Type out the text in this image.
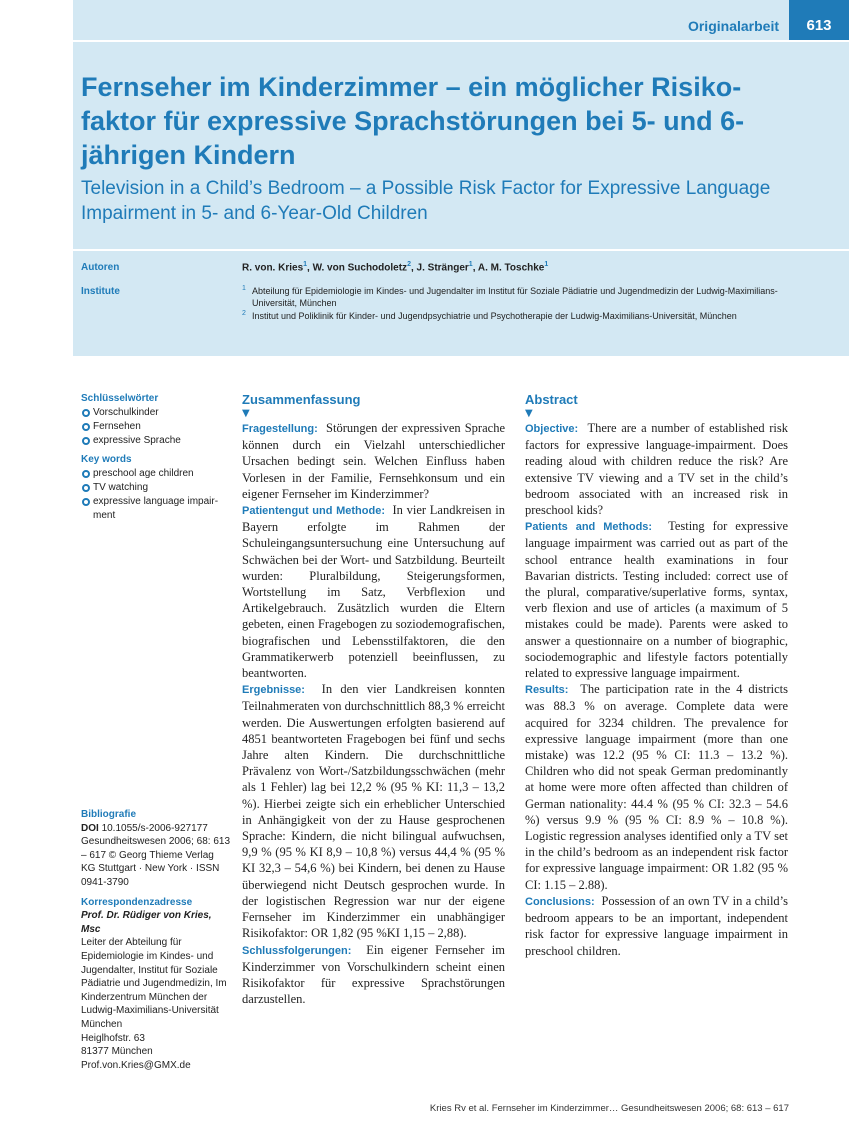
Originalarbeit	613
Fernseher im Kinderzimmer – ein möglicher Risiko-faktor für expressive Sprachstörungen bei 5- und 6-jährigen Kindern
Television in a Child’s Bedroom – a Possible Risk Factor for Expressive Language Impairment in 5- and 6-Year-Old Children
Autoren	R. von. Kries$^1$, W. von Suchodoletz$^2$, J. Stränger$^1$, A. M. Toschke$^1$
Institute	1 Abteilung für Epidemiologie im Kindes- und Jugendalter im Institut für Soziale Pädiatrie und Jugendmedizin der Ludwig-Maximilians-Universität, München
2 Institut und Poliklinik für Kinder- und Jugendpsychiatrie und Psychotherapie der Ludwig-Maximilians-Universität, München
Schlüsselwörter
Vorschulkinder
Fernsehen
expressive Sprache
Key words
preschool age children
TV watching
expressive language impair-ment
Bibliografie
DOI 10.1055/s-2006-927177
Gesundheitswesen 2006; 68: 613 – 617 © Georg Thieme Verlag KG Stuttgart · New York · ISSN 0941-3790
Korrespondenzadresse
Prof. Dr. Rüdiger von Kries, Msc
Leiter der Abteilung für Epidemiologie im Kindes- und Jugendalter, Institut für Soziale Pädiatrie und Jugendmedizin, Im Kinderzentrum München der Ludwig-Maximilians-Universität München
Heiglhofstr. 63
81377 München
Prof.von.Kries@GMX.de
Zusammenfassung
▼

Fragestellung: Störungen der expressiven Sprache können durch ein Vielzahl unterschiedlicher Ursachen bedingt sein. Welchen Einfluss haben Vorlesen in der Familie, Fernsehkonsum und ein eigener Fernseher im Kinderzimmer?

Patientengut und Methode: In vier Landkreisen in Bayern erfolgte im Rahmen der Schuleingangsuntersuchung eine Untersuchung auf Schwächen bei der Wort- und Satzbildung. Beurteilt wurden: Pluralbildung, Steigerungsformen, Wortstellung im Satz, Verbflexion und Artikelgebrauch. Zusätzlich wurden die Eltern gebeten, einen Fragebogen zu soziodemografischen, biografischen und Lebensstilfaktoren, die den Grammatikerwerb potenziell beeinflussen, zu beantworten.

Ergebnisse: In den vier Landkreisen konnten Teilnahmeraten von durchschnittlich 88,3 % erreicht werden. Die Auswertungen erfolgten basierend auf 4851 beantworteten Fragebogen bei fünf und sechs Jahre alten Kindern. Die durchschnittliche Prävalenz von Wort-/Satzbildungsschwächen (mehr als 1 Fehler) lag bei 12,2 % (95 % KI: 11,3 – 13,2 %). Hierbei zeigte sich ein erheblicher Unterschied in Anhängigkeit von der zu Hause gesprochenen Sprache: Kindern, die nicht bilingual aufwuchsen, 9,9 % (95 % KI 8,9 – 10,8 %) versus 44,4 % (95 % KI 32,3 – 54,6 %) bei Kindern, bei denen zu Hause überwiegend nicht Deutsch gesprochen wurde. In der logistischen Regression war nur der eigene Fernseher im Kinderzimmer ein unabhängiger Risikofaktor: OR 1,82 (95 %KI 1,15 – 2,88).

Schlussfolgerungen: Ein eigener Fernseher im Kinderzimmer von Vorschulkindern scheint einen Risikofaktor für expressive Sprachstörungen darzustellen.

Abstract
▼

Objective: There are a number of established risk factors for expressive language-impairment. Does reading aloud with children reduce the risk? Are extensive TV viewing and a TV set in the child’s bedroom associated with an increased risk in preschool kids?

Patients and Methods: Testing for expressive language impairment was carried out as part of the school entrance health examinations in four Bavarian districts. Testing included: correct use of the plural, comparative/superlative forms, syntax, verb flexion and use of articles (a maximum of 5 mistakes could be made). Parents were asked to answer a questionnaire on a number of biographic, sociodemographic and lifestyle factors potentially related to expressive language impairment.

Results: The participation rate in the 4 districts was 88.3 % on average. Complete data were acquired for 3234 children. The prevalence for expressive language impairment (more than one mistake) was 12.2 (95 % CI: 11.3 – 13.2 %). Children who did not speak German predominantly at home were more often affected than children of German nationality: 44.4 % (95 % CI: 32.3 – 54.6 %) versus 9.9 % (95 % CI: 8.9 % – 10.8 %). Logistic regression analyses identified only a TV set in the child’s bedroom as an independent risk factor for expressive language impairment: OR 1.82 (95 % CI: 1.15 – 2.88).

Conclusions: Possession of an own TV in a child’s bedroom appears to be an important, independent risk factor for expressive language impairment in preschool children.

Kries Rv et al. Fernseher im Kinderzimmer… Gesundheitswesen 2006; 68: 613 – 617
